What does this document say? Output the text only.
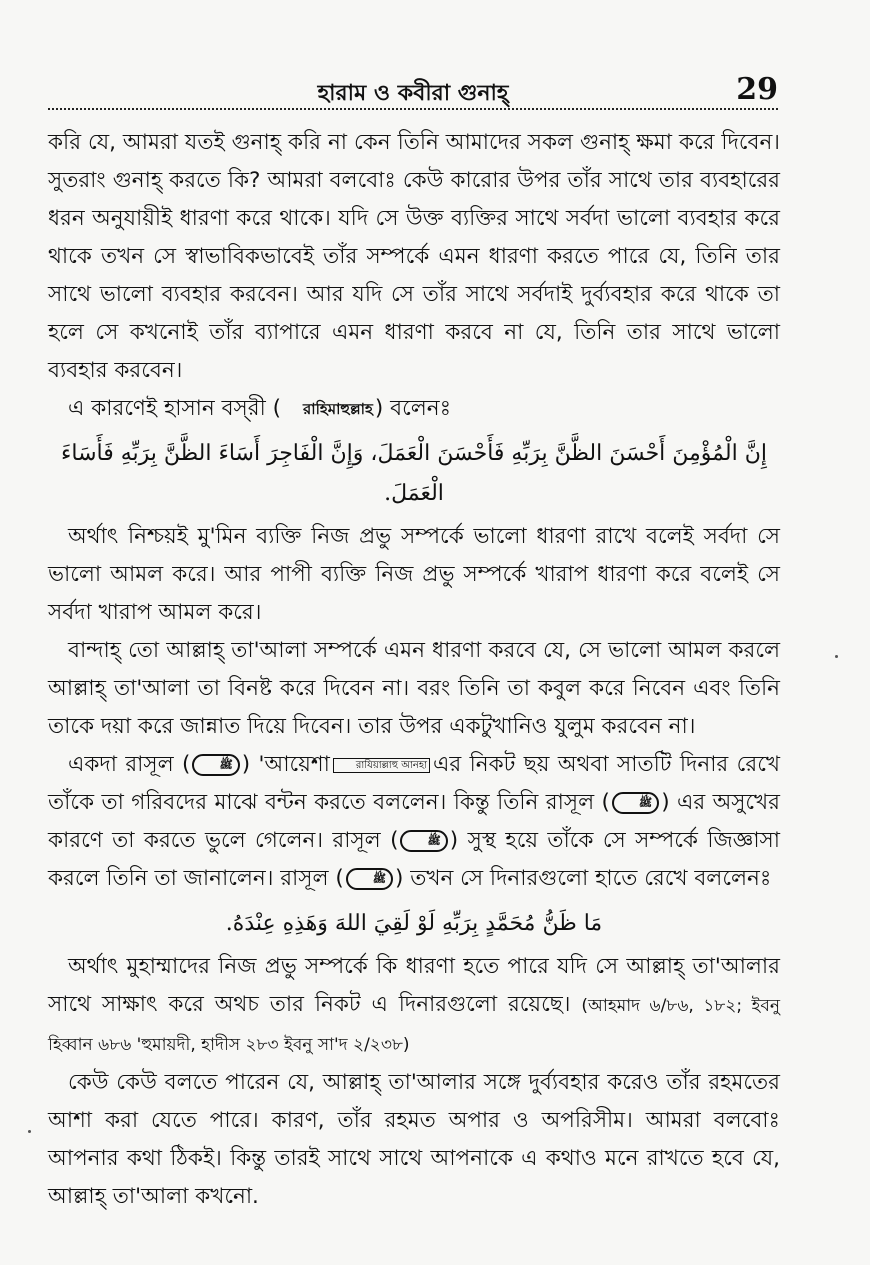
হারাম ও কবীরা গুনাহ্	29

করি যে, আমরা যতই গুনাহ্ করি না কেন তিনি আমাদের সকল গুনাহ্ ক্ষমা করে দিবেন। সুতরাং গুনাহ্ করতে কি? আমরা বলবোঃ কেউ কারোর উপর তাঁর সাথে তার ব্যবহারের ধরন অনুযায়ীই ধারণা করে থাকে। যদি সে উক্ত ব্যক্তির সাথে সর্বদা ভালো ব্যবহার করে থাকে তখন সে স্বাভাবিকভাবেই তাঁর সম্পর্কে এমন ধারণা করতে পারে যে, তিনি তার সাথে ভালো ব্যবহার করবেন। আর যদি সে তাঁর সাথে সর্বদাই দুর্ব্যবহার করে থাকে তা হলে সে কখনোই তাঁর ব্যাপারে এমন ধারণা করবে না যে, তিনি তার সাথে ভালো ব্যবহার করবেন।

এ কারণেই হাসান বস্‌রী ( রাহিমাহুল্লাহ) বলেনঃ

إِنَّ الْمُؤْمِنَ أَحْسَنَ الظَّنَّ بِرَبِّهِ فَأَحْسَنَ الْعَمَلَ، وَإِنَّ الْفَاجِرَ أَسَاءَ الظَّنَّ بِرَبِّهِ فَأَسَاءَ الْعَمَلَ.

অর্থাৎ নিশ্চয়ই মু'মিন ব্যক্তি নিজ প্রভু সম্পর্কে ভালো ধারণা রাখে বলেই সর্বদা সে ভালো আমল করে। আর পাপী ব্যক্তি নিজ প্রভু সম্পর্কে খারাপ ধারণা করে বলেই সে সর্বদা খারাপ আমল করে।

বান্দাহ্ তো আল্লাহ্ তা'আলা সম্পর্কে এমন ধারণা করবে যে, সে ভালো আমল করলে আল্লাহ্ তা'আলা তা বিনষ্ট করে দিবেন না। বরং তিনি তা কবুল করে নিবেন এবং তিনি তাকে দয়া করে জান্নাত দিয়ে দিবেন। তার উপর একটুখানিও যুলুম করবেন না।

একদা রাসূল (	ﷺ ) 'আয়েশা	রাযিয়াল্লাহু আনহা এর নিকট ছয় অথবা সাতটি দিনার রেখে তাঁকে তা গরিবদের মাঝে বন্টন করতে বললেন। কিন্তু তিনি রাসূল (	ﷺ ) এর অসুখের কারণে তা করতে ভুলে গেলেন। রাসূল (	ﷺ ) সুস্থ হয়ে তাঁকে সে সম্পর্কে জিজ্ঞাসা করলে তিনি তা জানালেন। রাসূল (	ﷺ ) তখন সে দিনারগুলো হাতে রেখে বললেনঃ

مَا ظَنُّ مُحَمَّدٍ بِرَبِّهِ لَوْ لَقِيَ اللهَ وَهَذِهِ عِنْدَهُ.

অর্থাৎ মুহাম্মাদের নিজ প্রভু সম্পর্কে কি ধারণা হতে পারে যদি সে আল্লাহ্ তা'আলার সাথে সাক্ষাৎ করে অথচ তার নিকট এ দিনারগুলো রয়েছে। (আহমাদ ৬/৮৬, ১৮২; ইবনু হিব্বান ৬৮৬ 'হুমায়দী, হাদীস ২৮৩ ইবনু সা'দ ২/২৩৮)

কেউ কেউ বলতে পারেন যে, আল্লাহ্ তা'আলার সঙ্গে দুর্ব্যবহার করেও তাঁর রহমতের আশা করা যেতে পারে। কারণ, তাঁর রহমত অপার ও অপরিসীম। আমরা বলবোঃ আপনার কথা ঠিকই। কিন্তু তারই সাথে সাথে আপনাকে এ কথাও মনে রাখতে হবে যে, আল্লাহ্ তা'আলা কখনো.
